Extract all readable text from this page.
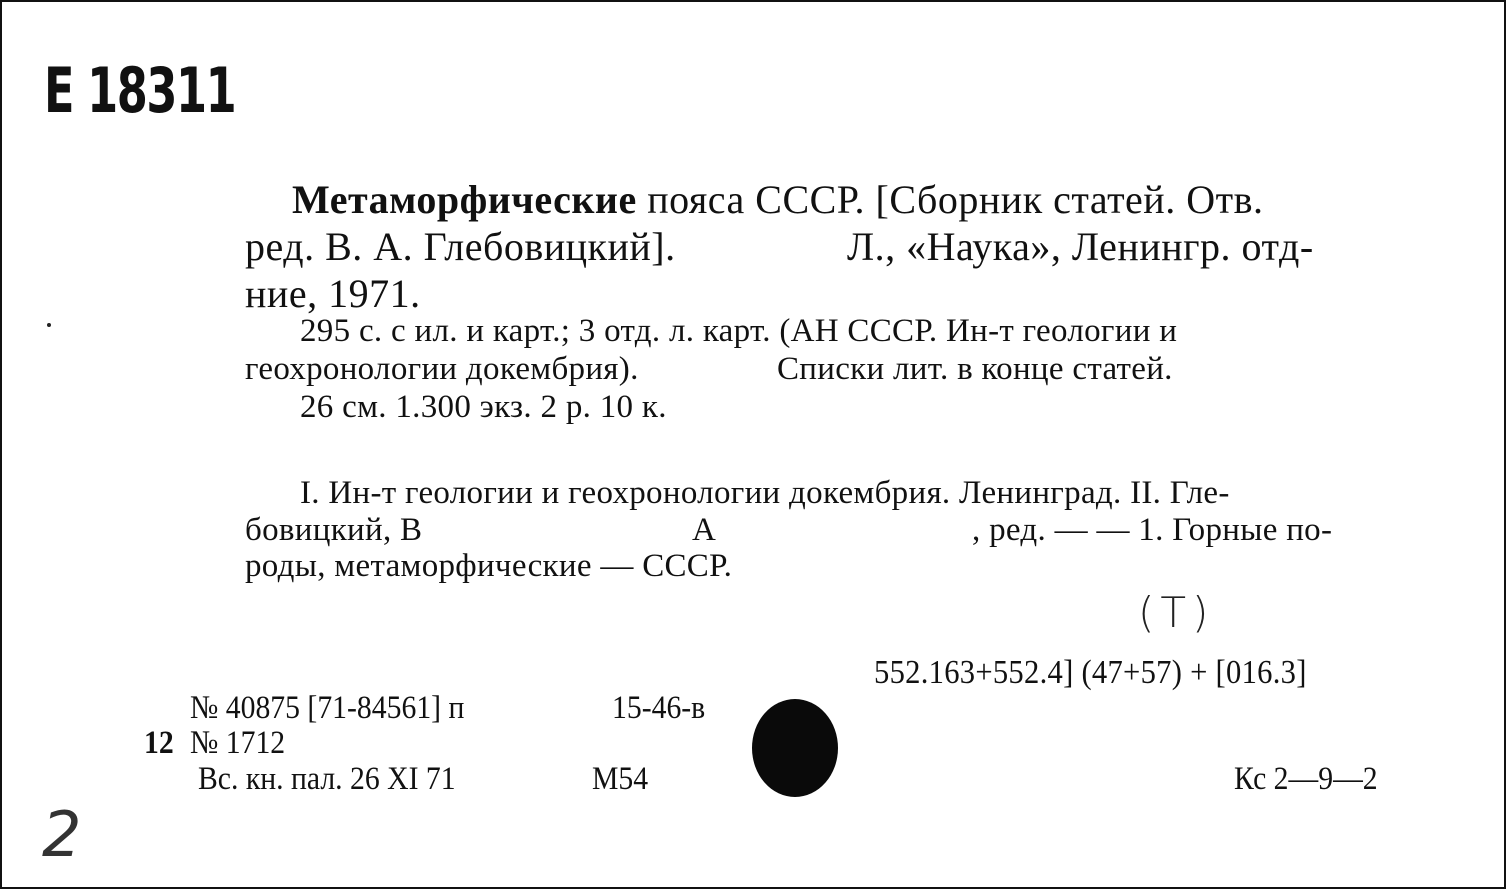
E 18311
Метаморфические пояса СССР. [Сборник статей. Отв.
ред. В. А. Глебовицкий].	Л., «Наука», Ленингр. отд-
ние, 1971.
295 с. с ил. и карт.; 3 отд. л. карт. (АН СССР. Ин-т геологии и
геохронологии докембрия).	Списки лит. в конце статей.
26 см. 1.300 экз. 2 р. 10 к.
I. Ин-т геологии и геохронологии докембрия. Ленинград. II. Гле-
бовицкий, В	А	, ред. — — 1. Горные по-
роды, метаморфические — СССР.
(Т)
552.163+552.4] (47+57) + [016.3]
№ 40875 [71-84561] п	15-46-в
12 № 1712
Вс. кн. пал. 26 XI 71	М54	Кс 2—9—2
2
